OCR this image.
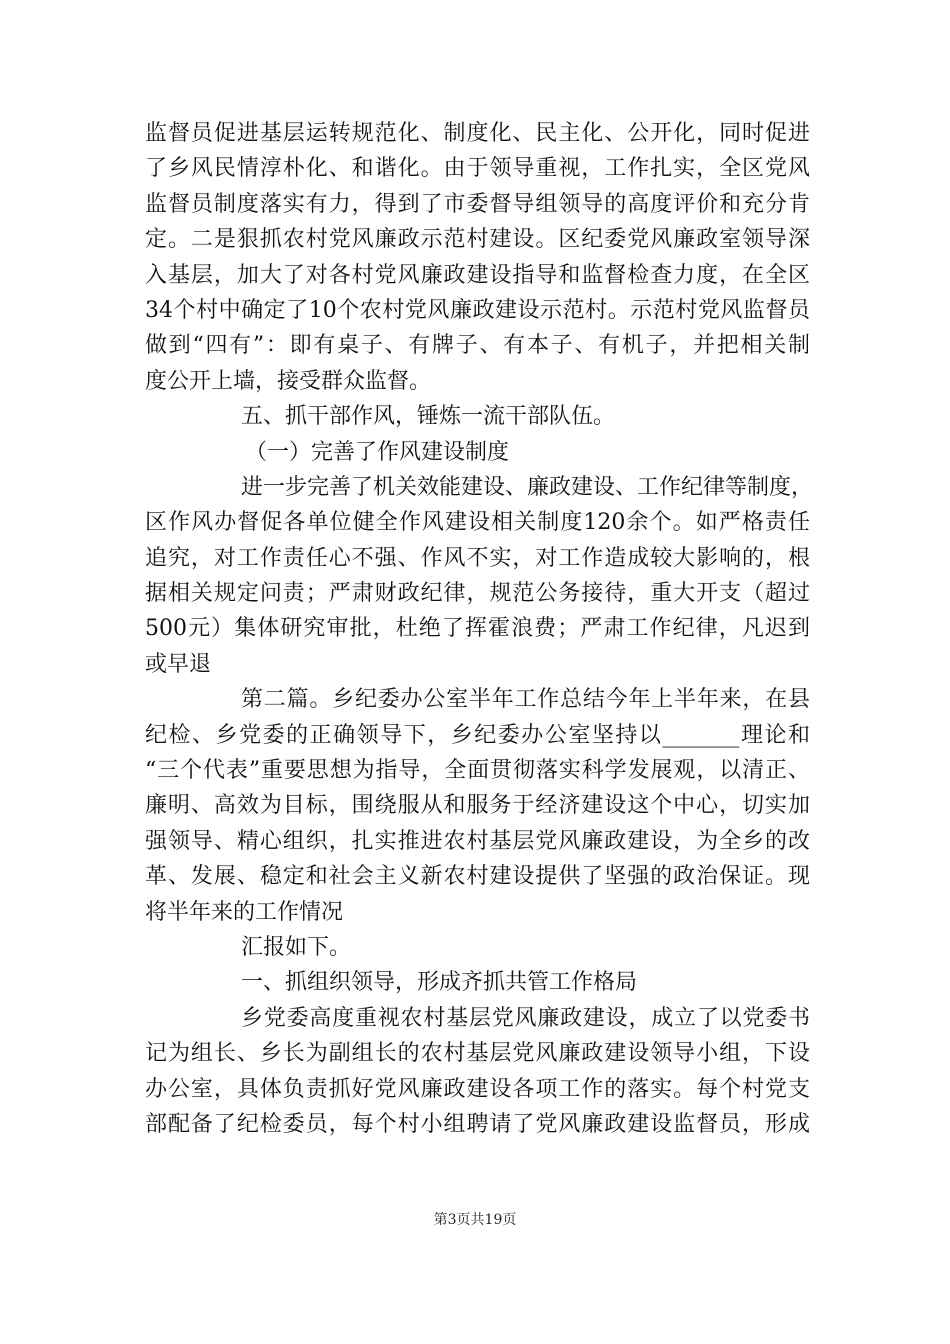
监督员促进基层运转规范化、制度化、民主化、公开化，同时促进
了乡风民情淳朴化、和谐化。由于领导重视，工作扎实，全区党风
监督员制度落实有力，得到了市委督导组领导的高度评价和充分肯
定。二是狠抓农村党风廉政示范村建设。区纪委党风廉政室领导深
入基层，加大了对各村党风廉政建设指导和监督检查力度，在全区
34个村中确定了10个农村党风廉政建设示范村。示范村党风监督员
做到“四有”：即有桌子、有牌子、有本子、有机子，并把相关制
度公开上墙，接受群众监督。
五、抓干部作风，锤炼一流干部队伍。
（一）完善了作风建设制度
进一步完善了机关效能建设、廉政建设、工作纪律等制度，
区作风办督促各单位健全作风建设相关制度120余个。如严格责任
追究，对工作责任心不强、作风不实，对工作造成较大影响的，根
据相关规定问责；严肃财政纪律，规范公务接待，重大开支（超过
500元）集体研究审批，杜绝了挥霍浪费；严肃工作纪律，凡迟到
或早退
第二篇。乡纪委办公室半年工作总结今年上半年来，在县
纪检、乡党委的正确领导下，乡纪委办公室坚持以_______理论和
“三个代表”重要思想为指导，全面贯彻落实科学发展观，以清正、
廉明、高效为目标，围绕服从和服务于经济建设这个中心，切实加
强领导、精心组织，扎实推进农村基层党风廉政建设，为全乡的改
革、发展、稳定和社会主义新农村建设提供了坚强的政治保证。现
将半年来的工作情况
汇报如下。
一、抓组织领导，形成齐抓共管工作格局
乡党委高度重视农村基层党风廉政建设，成立了以党委书
记为组长、乡长为副组长的农村基层党风廉政建设领导小组，下设
办公室，具体负责抓好党风廉政建设各项工作的落实。每个村党支
部配备了纪检委员，每个村小组聘请了党风廉政建设监督员，形成
第3页共19页
